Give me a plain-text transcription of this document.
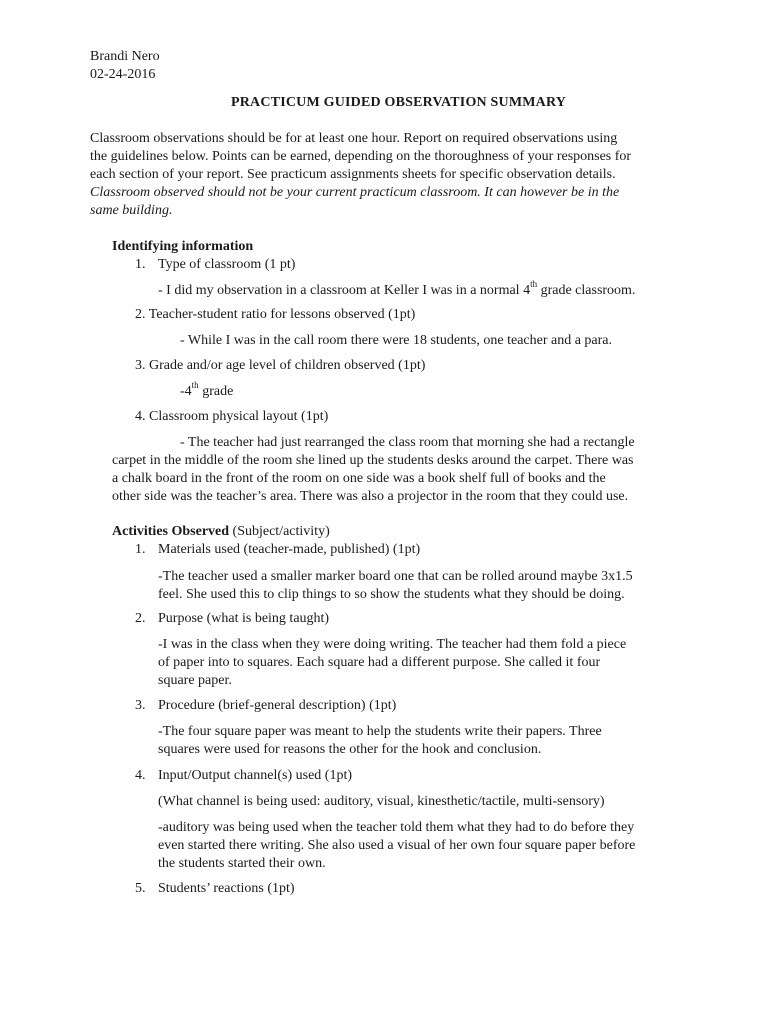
Brandi Nero
02-24-2016
PRACTICUM GUIDED OBSERVATION SUMMARY
Classroom observations should be for at least one hour. Report on required observations using
the guidelines below. Points can be earned, depending on the thoroughness of your responses for
each section of your report. See practicum assignments sheets for specific observation details.
Classroom observed should not be your current practicum classroom. It can however be in the
same building.
Identifying information
1. Type of classroom (1 pt)
- I did my observation in a classroom at Keller I was in a normal 4th grade classroom.
2. Teacher-student ratio for lessons observed (1pt)
- While I was in the call room there were 18 students, one teacher and a para.
3. Grade and/or age level of children observed (1pt)
-4th grade
4. Classroom physical layout (1pt)
- The teacher had just rearranged the class room that morning she had a rectangle
carpet in the middle of the room she lined up the students desks around the carpet. There was
a chalk board in the front of the room on one side was a book shelf full of books and the
other side was the teacher’s area. There was also a projector in the room that they could use.
Activities Observed (Subject/activity)
1. Materials used (teacher-made, published) (1pt)
-The teacher used a smaller marker board one that can be rolled around maybe 3x1.5
feel. She used this to clip things to so show the students what they should be doing.
2. Purpose (what is being taught)
-I was in the class when they were doing writing. The teacher had them fold a piece
of paper into to squares. Each square had a different purpose. She called it four
square paper.
3. Procedure (brief-general description) (1pt)
-The four square paper was meant to help the students write their papers. Three
squares were used for reasons the other for the hook and conclusion.
4. Input/Output channel(s) used (1pt)
(What channel is being used: auditory, visual, kinesthetic/tactile, multi-sensory)
-auditory was being used when the teacher told them what they had to do before they
even started there writing. She also used a visual of her own four square paper before
the students started their own.
5. Students’ reactions (1pt)
